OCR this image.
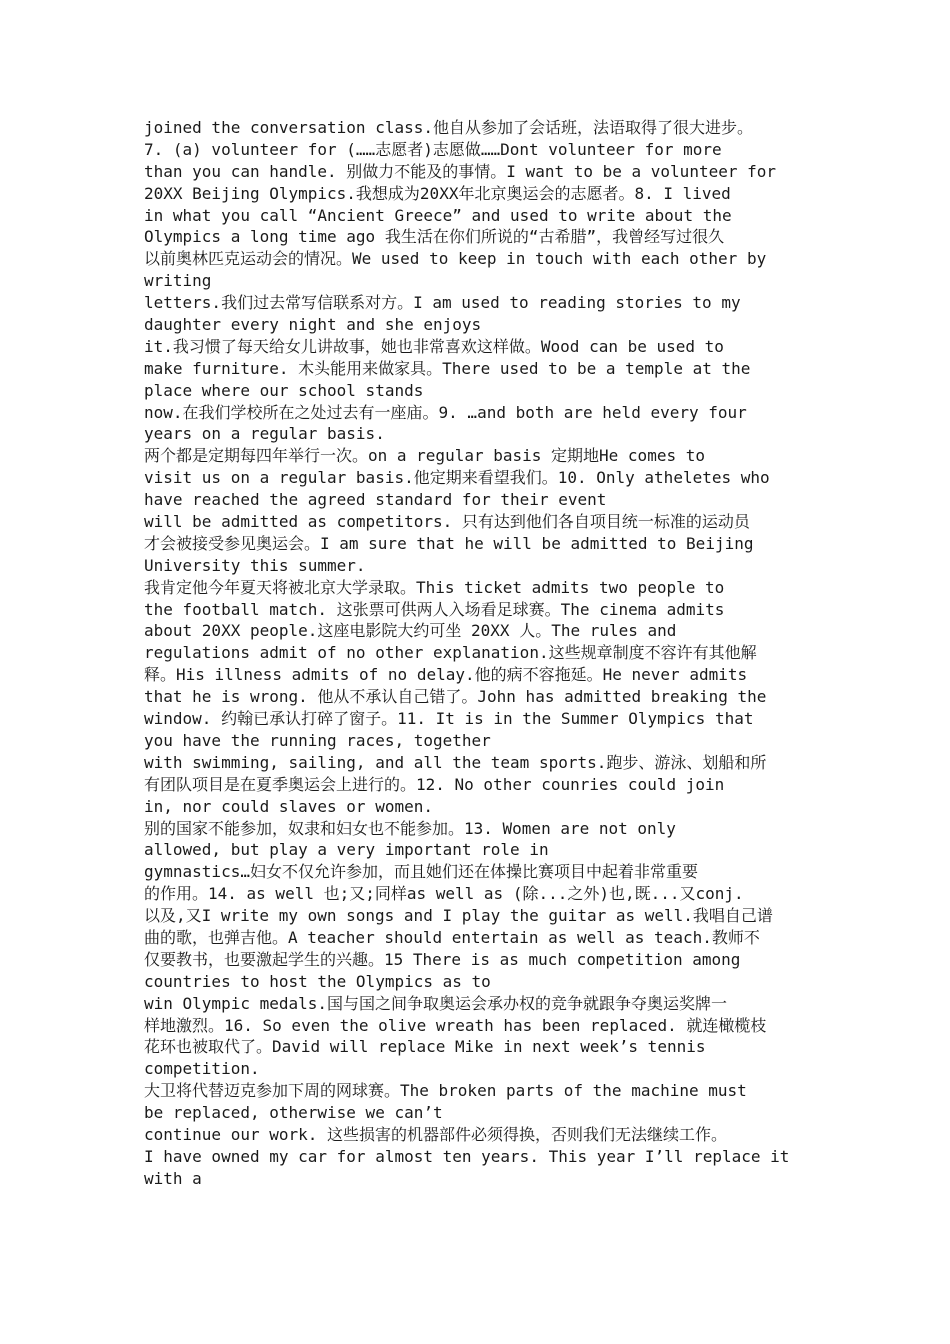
joined the conversation class.他自从参加了会话班，法语取得了很大进步。
7. (a) volunteer for (……志愿者)志愿做……Dont volunteer for more
than you can handle. 别做力不能及的事情。I want to be a volunteer for
20XX Beijing Olympics.我想成为20XX年北京奥运会的志愿者。8. I lived
in what you call “Ancient Greece” and used to write about the
Olympics a long time ago 我生活在你们所说的“古希腊”，我曾经写过很久
以前奥林匹克运动会的情况。We used to keep in touch with each other by
writing
letters.我们过去常写信联系对方。I am used to reading stories to my
daughter every night and she enjoys
it.我习惯了每天给女儿讲故事，她也非常喜欢这样做。Wood can be used to
make furniture. 木头能用来做家具。There used to be a temple at the
place where our school stands
now.在我们学校所在之处过去有一座庙。9. …and both are held every four
years on a regular basis.
两个都是定期每四年举行一次。on a regular basis 定期地He comes to
visit us on a regular basis.他定期来看望我们。10. Only atheletes who
have reached the agreed standard for their event
will be admitted as competitors. 只有达到他们各自项目统一标准的运动员
才会被接受参见奥运会。I am sure that he will be admitted to Beijing
University this summer.
我肯定他今年夏天将被北京大学录取。This ticket admits two people to
the football match. 这张票可供两人入场看足球赛。The cinema admits
about 20XX people.这座电影院大约可坐 20XX 人。The rules and
regulations admit of no other explanation.这些规章制度不容许有其他解
释。His illness admits of no delay.他的病不容拖延。He never admits
that he is wrong. 他从不承认自己错了。John has admitted breaking the
window. 约翰已承认打碎了窗子。11. It is in the Summer Olympics that
you have the running races, together
with swimming, sailing, and all the team sports.跑步、游泳、划船和所
有团队项目是在夏季奥运会上进行的。12. No other counries could join
in, nor could slaves or women.
别的国家不能参加，奴隶和妇女也不能参加。13. Women are not only
allowed, but play a very important role in
gymnastics…妇女不仅允许参加，而且她们还在体操比赛项目中起着非常重要
的作用。14. as well 也;又;同样as well as (除...之外)也,既...又conj.
以及,又I write my own songs and I play the guitar as well.我唱自己谱
曲的歌，也弹吉他。A teacher should entertain as well as teach.教师不
仅要教书，也要激起学生的兴趣。15 There is as much competition among
countries to host the Olympics as to
win Olympic medals.国与国之间争取奥运会承办权的竞争就跟争夺奥运奖牌一
样地激烈。16. So even the olive wreath has been replaced. 就连橄榄枝
花环也被取代了。David will replace Mike in next week’s tennis
competition.
大卫将代替迈克参加下周的网球赛。The broken parts of the machine must
be replaced, otherwise we can’t
continue our work. 这些损害的机器部件必须得换，否则我们无法继续工作。
I have owned my car for almost ten years. This year I’ll replace it
with a
